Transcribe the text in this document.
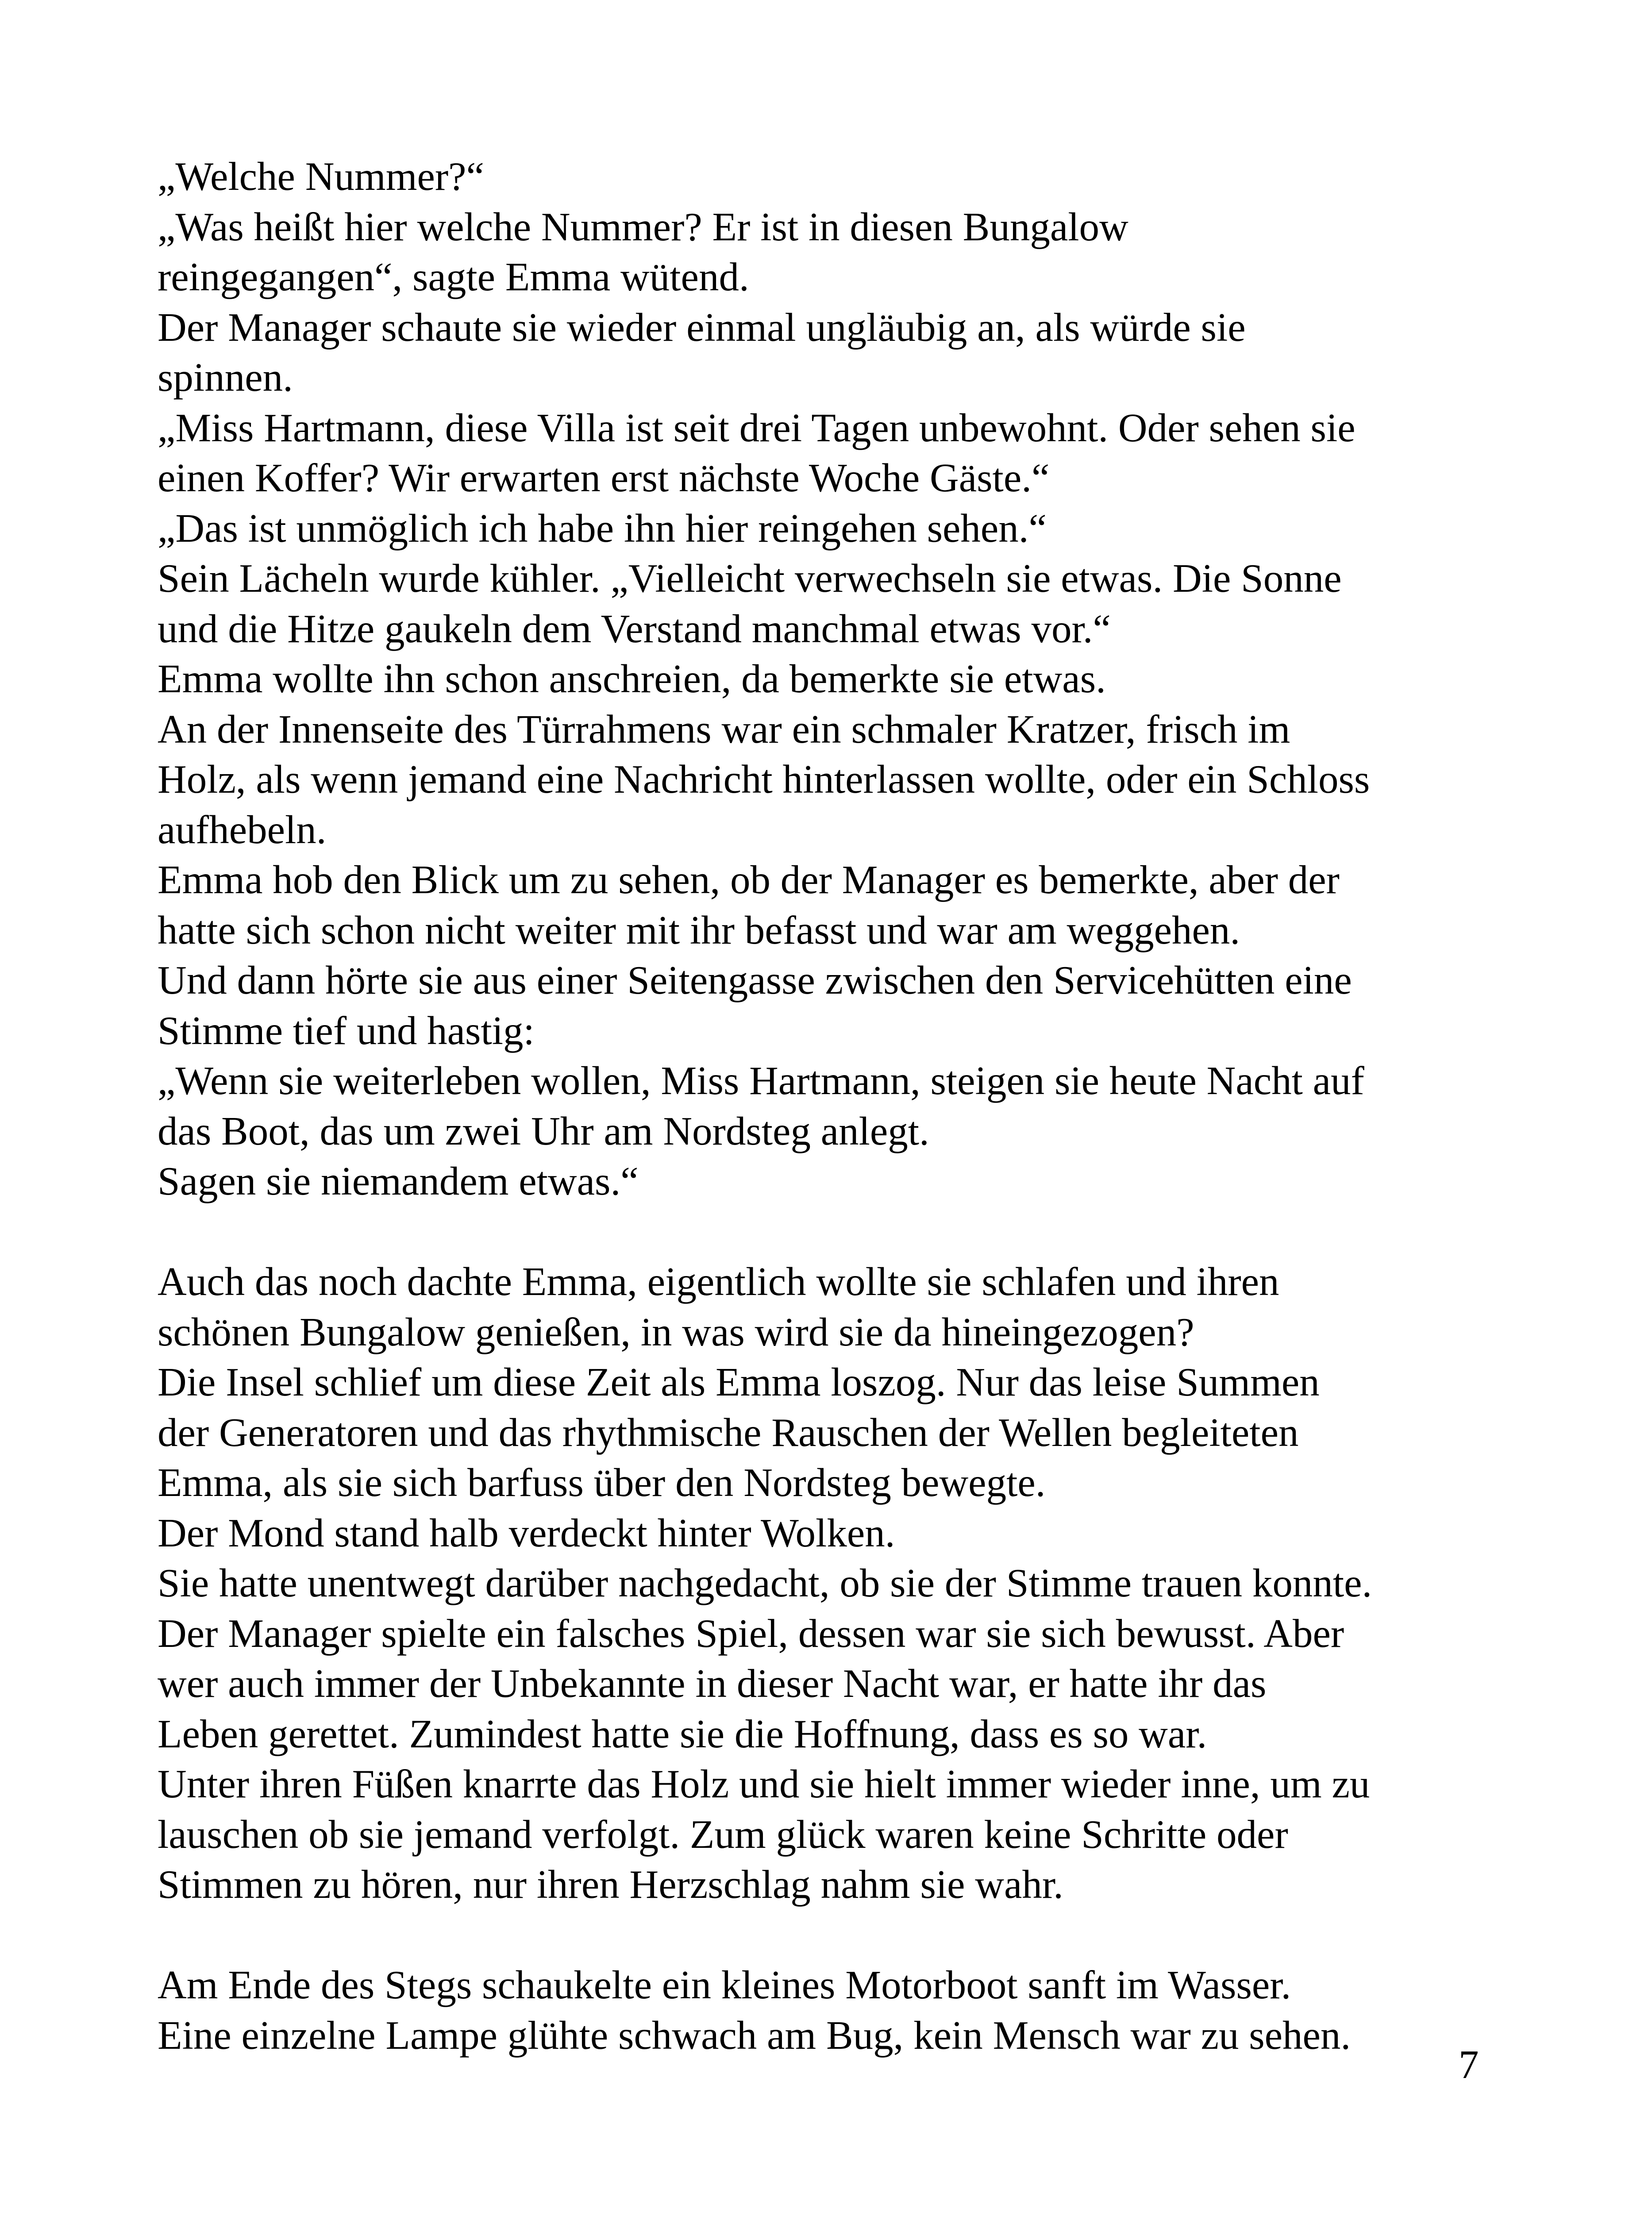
„Welche Nummer?“
„Was heißt hier welche Nummer? Er ist in diesen Bungalow
reingegangen“, sagte Emma wütend.
Der Manager schaute sie wieder einmal ungläubig an, als würde sie
spinnen.
„Miss Hartmann, diese Villa ist seit drei Tagen unbewohnt. Oder sehen sie
einen Koffer? Wir erwarten erst nächste Woche Gäste.“
„Das ist unmöglich ich habe ihn hier reingehen sehen.“
Sein Lächeln wurde kühler. „Vielleicht verwechseln sie etwas. Die Sonne
und die Hitze gaukeln dem Verstand manchmal etwas vor.“
Emma wollte ihn schon anschreien, da bemerkte sie etwas.
An der Innenseite des Türrahmens war ein schmaler Kratzer, frisch im
Holz, als wenn jemand eine Nachricht hinterlassen wollte, oder ein Schloss
aufhebeln.
Emma hob den Blick um zu sehen, ob der Manager es bemerkte, aber der
hatte sich schon nicht weiter mit ihr befasst und war am weggehen.
Und dann hörte sie aus einer Seitengasse zwischen den Servicehütten eine
Stimme tief und hastig:
„Wenn sie weiterleben wollen, Miss Hartmann, steigen sie heute Nacht auf
das Boot, das um zwei Uhr am Nordsteg anlegt.
Sagen sie niemandem etwas.“
Auch das noch dachte Emma, eigentlich wollte sie schlafen und ihren
schönen Bungalow genießen, in was wird sie da hineingezogen?
Die Insel schlief um diese Zeit als Emma loszog. Nur das leise Summen
der Generatoren und das rhythmische Rauschen der Wellen begleiteten
Emma, als sie sich barfuss über den Nordsteg bewegte.
Der Mond stand halb verdeckt hinter Wolken.
Sie hatte unentwegt darüber nachgedacht, ob sie der Stimme trauen konnte.
Der Manager spielte ein falsches Spiel, dessen war sie sich bewusst. Aber
wer auch immer der Unbekannte in dieser Nacht war, er hatte ihr das
Leben gerettet. Zumindest hatte sie die Hoffnung, dass es so war.
Unter ihren Füßen knarrte das Holz und sie hielt immer wieder inne, um zu
lauschen ob sie jemand verfolgt. Zum glück waren keine Schritte oder
Stimmen zu hören, nur ihren Herzschlag nahm sie wahr.
Am Ende des Stegs schaukelte ein kleines Motorboot sanft im Wasser.
Eine einzelne Lampe glühte schwach am Bug, kein Mensch war zu sehen.
7
